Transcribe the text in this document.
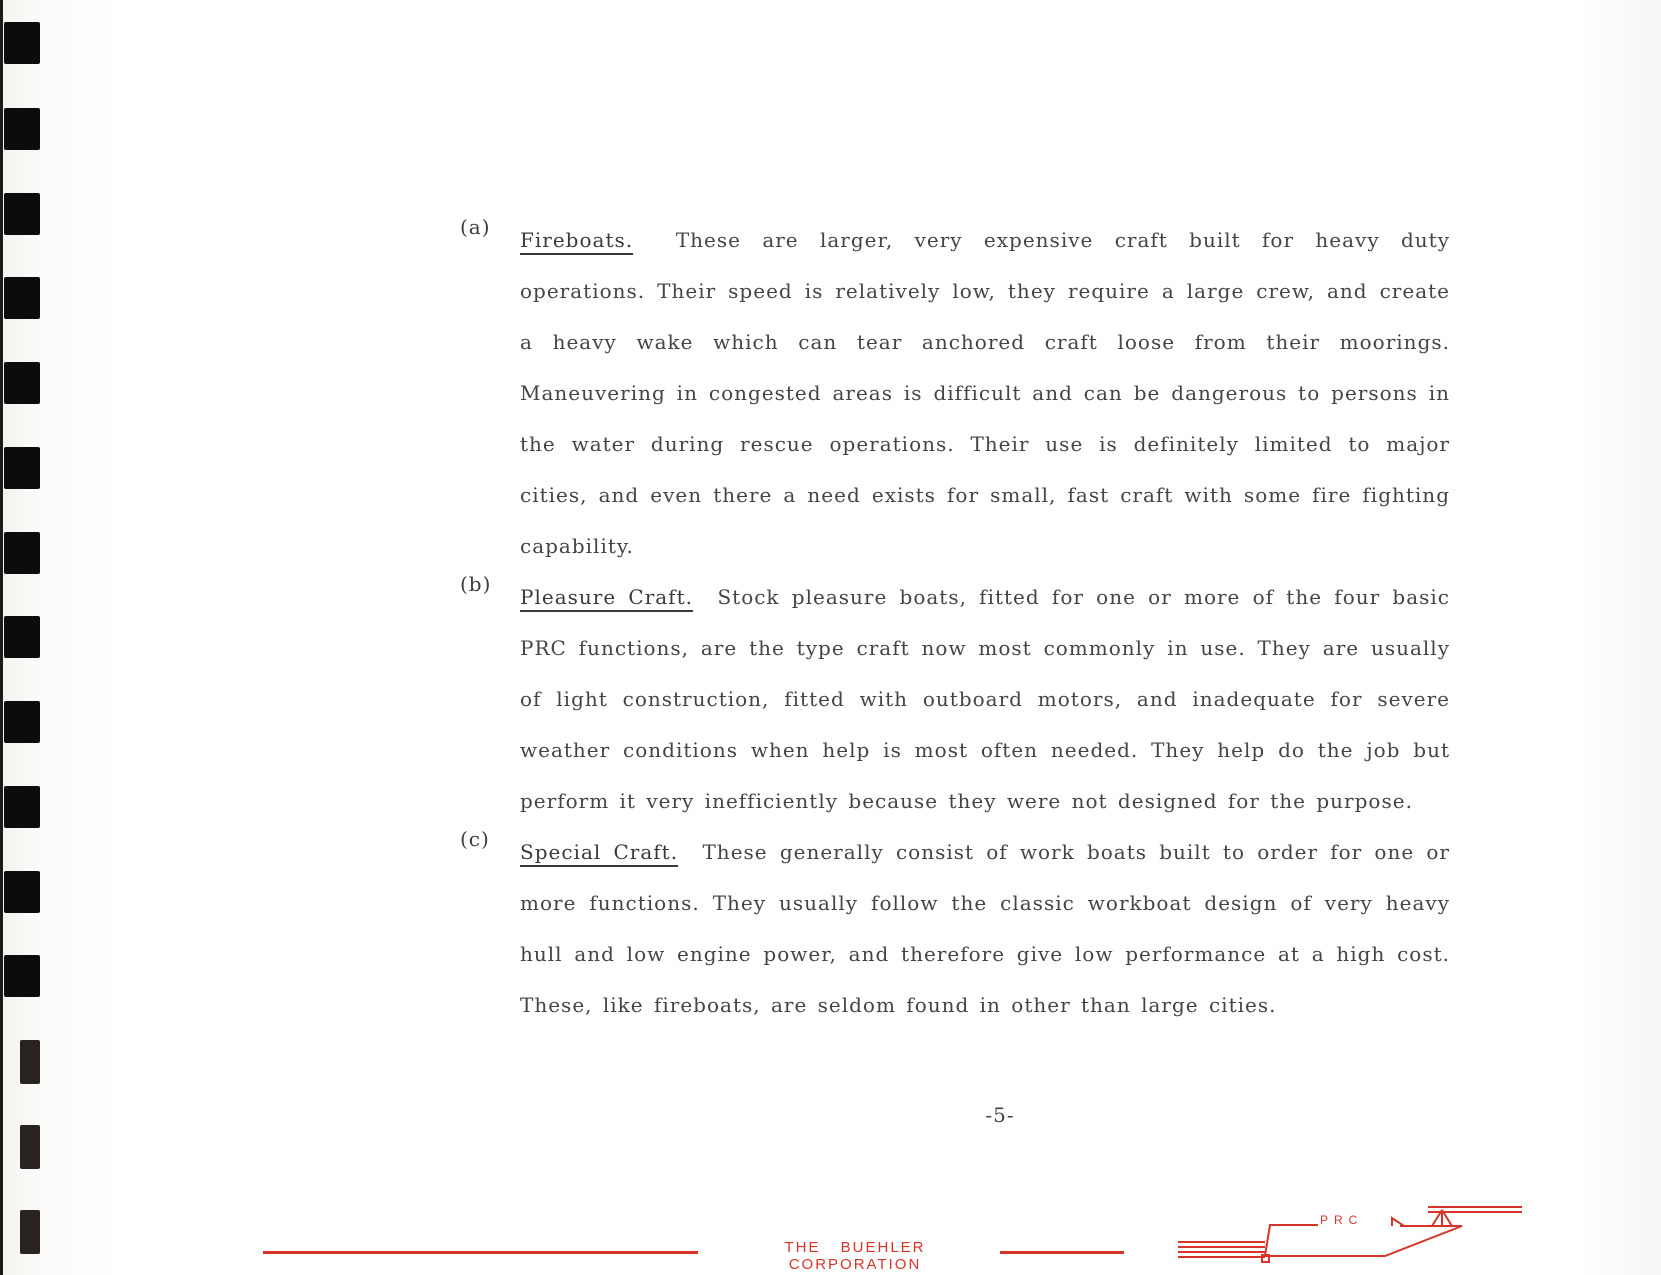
(a)
Fireboats. These are larger, very expensive craft built for heavy duty operations. Their speed is relatively low, they require a large crew, and create a heavy wake which can tear anchored craft loose from their moorings. Maneuvering in congested areas is difficult and can be dangerous to persons in the water during rescue operations. Their use is definitely limited to major cities, and even there a need exists for small, fast craft with some fire fighting capability.
(b)
Pleasure Craft. Stock pleasure boats, fitted for one or more of the four basic PRC functions, are the type craft now most commonly in use. They are usually of light construction, fitted with outboard motors, and inadequate for severe weather conditions when help is most often needed. They help do the job but perform it very inefficiently because they were not designed for the purpose.
(c)
Special Craft. These generally consist of work boats built to order for one or more functions. They usually follow the classic workboat design of very heavy hull and low engine power, and therefore give low performance at a high cost. These, like fireboats, are seldom found in other than large cities.
-5-
THE BUEHLER CORPORATION
PRC
